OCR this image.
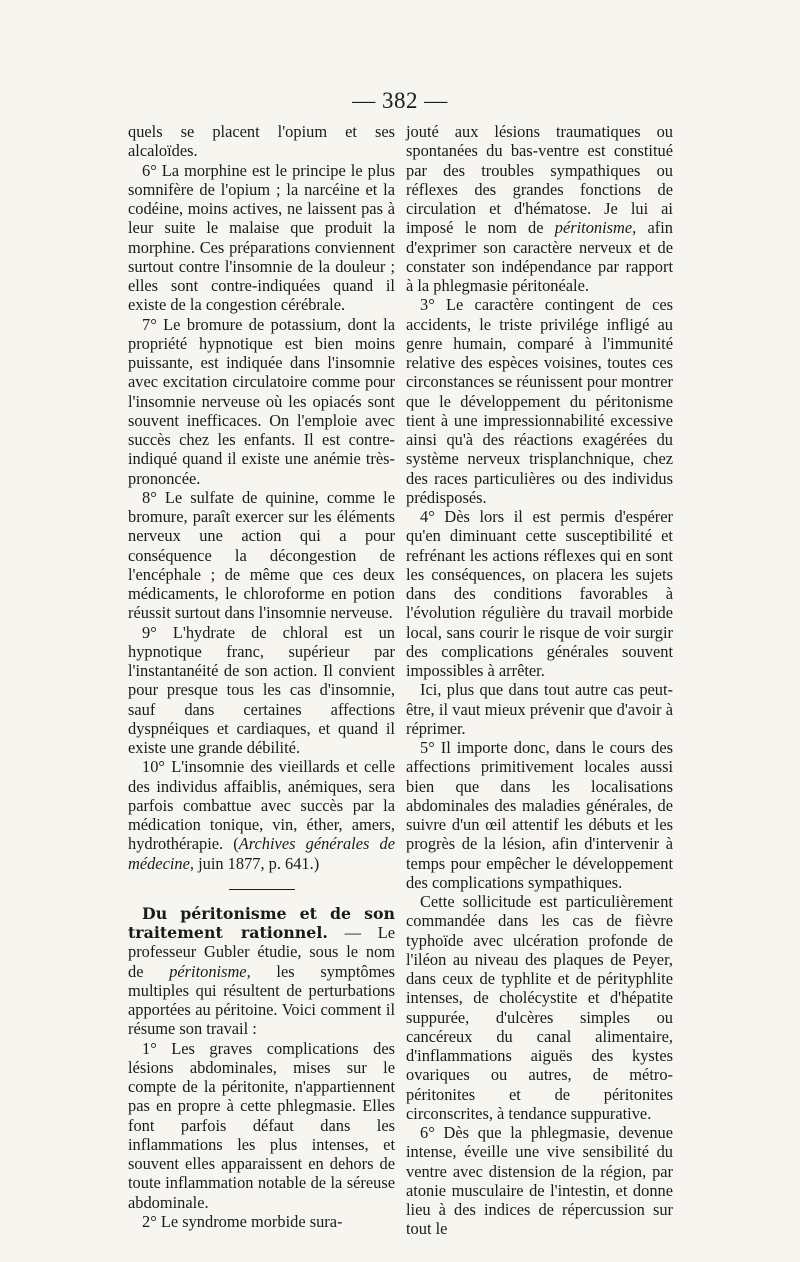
— 382 —

quels se placent l'opium et ses alcaloïdes.

6° La morphine est le principe le plus somnifère de l'opium ; la narcéine et la codéine, moins actives, ne laissent pas à leur suite le malaise que produit la morphine. Ces préparations conviennent surtout contre l'insomnie de la douleur ; elles sont contre-indiquées quand il existe de la congestion cérébrale.

7° Le bromure de potassium, dont la propriété hypnotique est bien moins puissante, est indiquée dans l'insomnie avec excitation circulatoire comme pour l'insomnie nerveuse où les opiacés sont souvent inefficaces. On l'emploie avec succès chez les enfants. Il est contre-indiqué quand il existe une anémie très-prononcée.

8° Le sulfate de quinine, comme le bromure, paraît exercer sur les éléments nerveux une action qui a pour conséquence la décongestion de l'encéphale ; de même que ces deux médicaments, le chloroforme en potion réussit surtout dans l'insomnie nerveuse.

9° L'hydrate de chloral est un hypnotique franc, supérieur par l'instantanéité de son action. Il convient pour presque tous les cas d'insomnie, sauf dans certaines affections dyspnéiques et cardiaques, et quand il existe une grande débilité.

10° L'insomnie des vieillards et celle des individus affaiblis, anémiques, sera parfois combattue avec succès par la médication tonique, vin, éther, amers, hydrothérapie. (Archives générales de médecine, juin 1877, p. 641.)

Du péritonisme et de son traitement rationnel. — Le professeur Gubler étudie, sous le nom de péritonisme, les symptômes multiples qui résultent de perturbations apportées au péritoine. Voici comment il résume son travail :

1° Les graves complications des lésions abdominales, mises sur le compte de la péritonite, n'appartiennent pas en propre à cette phlegmasie. Elles font parfois défaut dans les inflammations les plus intenses, et souvent elles apparaissent en dehors de toute inflammation notable de la séreuse abdominale.

2° Le syndrome morbide sura-

jouté aux lésions traumatiques ou spontanées du bas-ventre est constitué par des troubles sympathiques ou réflexes des grandes fonctions de circulation et d'hématose. Je lui ai imposé le nom de péritonisme, afin d'exprimer son caractère nerveux et de constater son indépendance par rapport à la phlegmasie péritonéale.

3° Le caractère contingent de ces accidents, le triste privilége infligé au genre humain, comparé à l'immunité relative des espèces voisines, toutes ces circonstances se réunissent pour montrer que le développement du péritonisme tient à une impressionnabilité excessive ainsi qu'à des réactions exagérées du système nerveux trisplanchnique, chez des races particulières ou des individus prédisposés.

4° Dès lors il est permis d'espérer qu'en diminuant cette susceptibilité et refrénant les actions réflexes qui en sont les conséquences, on placera les sujets dans des conditions favorables à l'évolution régulière du travail morbide local, sans courir le risque de voir surgir des complications générales souvent impossibles à arrêter.

Ici, plus que dans tout autre cas peut-être, il vaut mieux prévenir que d'avoir à réprimer.

5° Il importe donc, dans le cours des affections primitivement locales aussi bien que dans les localisations abdominales des maladies générales, de suivre d'un œil attentif les débuts et les progrès de la lésion, afin d'intervenir à temps pour empêcher le développement des complications sympathiques.

Cette sollicitude est particulièrement commandée dans les cas de fièvre typhoïde avec ulcération profonde de l'iléon au niveau des plaques de Peyer, dans ceux de typhlite et de pérityphlite intenses, de cholécystite et d'hépatite suppurée, d'ulcères simples ou cancéreux du canal alimentaire, d'inflammations aiguës des kystes ovariques ou autres, de métro-péritonites et de péritonites circonscrites, à tendance suppurative.

6° Dès que la phlegmasie, devenue intense, éveille une vive sensibilité du ventre avec distension de la région, par atonie musculaire de l'intestin, et donne lieu à des indices de répercussion sur tout le
